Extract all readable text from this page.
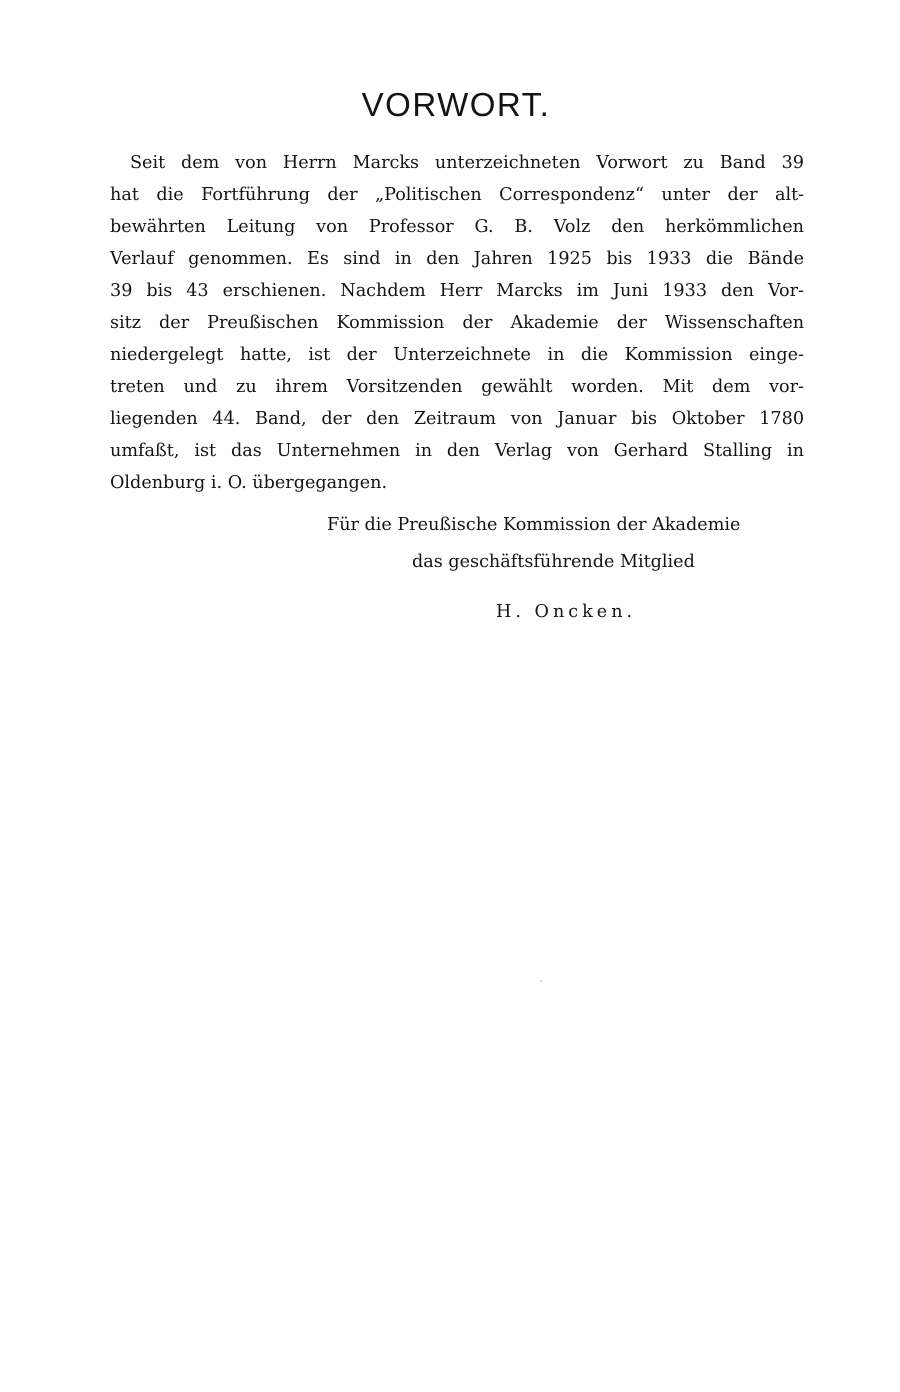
VORWORT.
Seit dem von Herrn Marcks unterzeichneten Vorwort zu Band 39
hat die Fortführung der „Politischen Correspondenz“ unter der alt-
bewährten Leitung von Professor G. B. Volz den herkömmlichen
Verlauf genommen. Es sind in den Jahren 1925 bis 1933 die Bände
39 bis 43 erschienen. Nachdem Herr Marcks im Juni 1933 den Vor-
sitz der Preußischen Kommission der Akademie der Wissenschaften
niedergelegt hatte, ist der Unterzeichnete in die Kommission einge-
treten und zu ihrem Vorsitzenden gewählt worden. Mit dem vor-
liegenden 44. Band, der den Zeitraum von Januar bis Oktober 1780
umfaßt, ist das Unternehmen in den Verlag von Gerhard Stalling in
Oldenburg i. O. übergegangen.

Für die Preußische Kommission der Akademie

das geschäftsführende Mitglied

H. Oncken.
